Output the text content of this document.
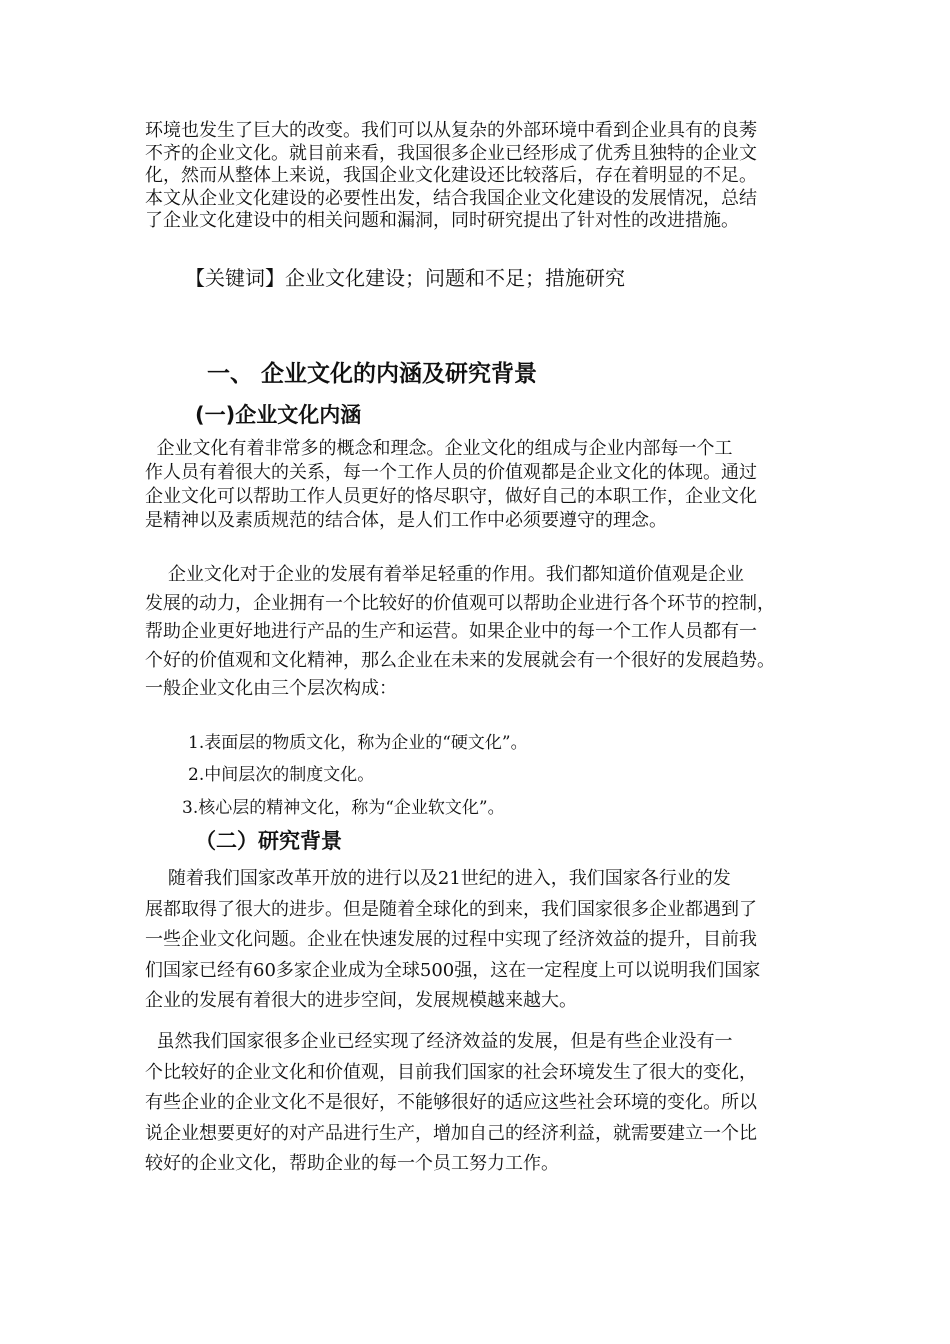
环境也发生了巨大的改变。我们可以从复杂的外部环境中看到企业具有的良莠
不齐的企业文化。就目前来看，我国很多企业已经形成了优秀且独特的企业文
化，然而从整体上来说，我国企业文化建设还比较落后，存在着明显的不足。
本文从企业文化建设的必要性出发，结合我国企业文化建设的发展情况，总结
了企业文化建设中的相关问题和漏洞，同时研究提出了针对性的改进措施。
【关键词】企业文化建设；问题和不足；措施研究
一、 企业文化的内涵及研究背景
(一)企业文化内涵
企业文化有着非常多的概念和理念。企业文化的组成与企业内部每一个工
作人员有着很大的关系，每一个工作人员的价值观都是企业文化的体现。通过
企业文化可以帮助工作人员更好的恪尽职守，做好自己的本职工作，企业文化
是精神以及素质规范的结合体，是人们工作中必须要遵守的理念。
企业文化对于企业的发展有着举足轻重的作用。我们都知道价值观是企业
发展的动力，企业拥有一个比较好的价值观可以帮助企业进行各个环节的控制，
帮助企业更好地进行产品的生产和运营。如果企业中的每一个工作人员都有一
个好的价值观和文化精神，那么企业在未来的发展就会有一个很好的发展趋势。
一般企业文化由三个层次构成：
1.表面层的物质文化，称为企业的“硬文化”。
2.中间层次的制度文化。
3.核心层的精神文化，称为“企业软文化”。
（二）研究背景
随着我们国家改革开放的进行以及21世纪的进入，我们国家各行业的发
展都取得了很大的进步。但是随着全球化的到来，我们国家很多企业都遇到了
一些企业文化问题。企业在快速发展的过程中实现了经济效益的提升，目前我
们国家已经有60多家企业成为全球500强，这在一定程度上可以说明我们国家
企业的发展有着很大的进步空间，发展规模越来越大。
虽然我们国家很多企业已经实现了经济效益的发展，但是有些企业没有一
个比较好的企业文化和价值观，目前我们国家的社会环境发生了很大的变化，
有些企业的企业文化不是很好，不能够很好的适应这些社会环境的变化。所以
说企业想要更好的对产品进行生产，增加自己的经济利益，就需要建立一个比
较好的企业文化，帮助企业的每一个员工努力工作。
